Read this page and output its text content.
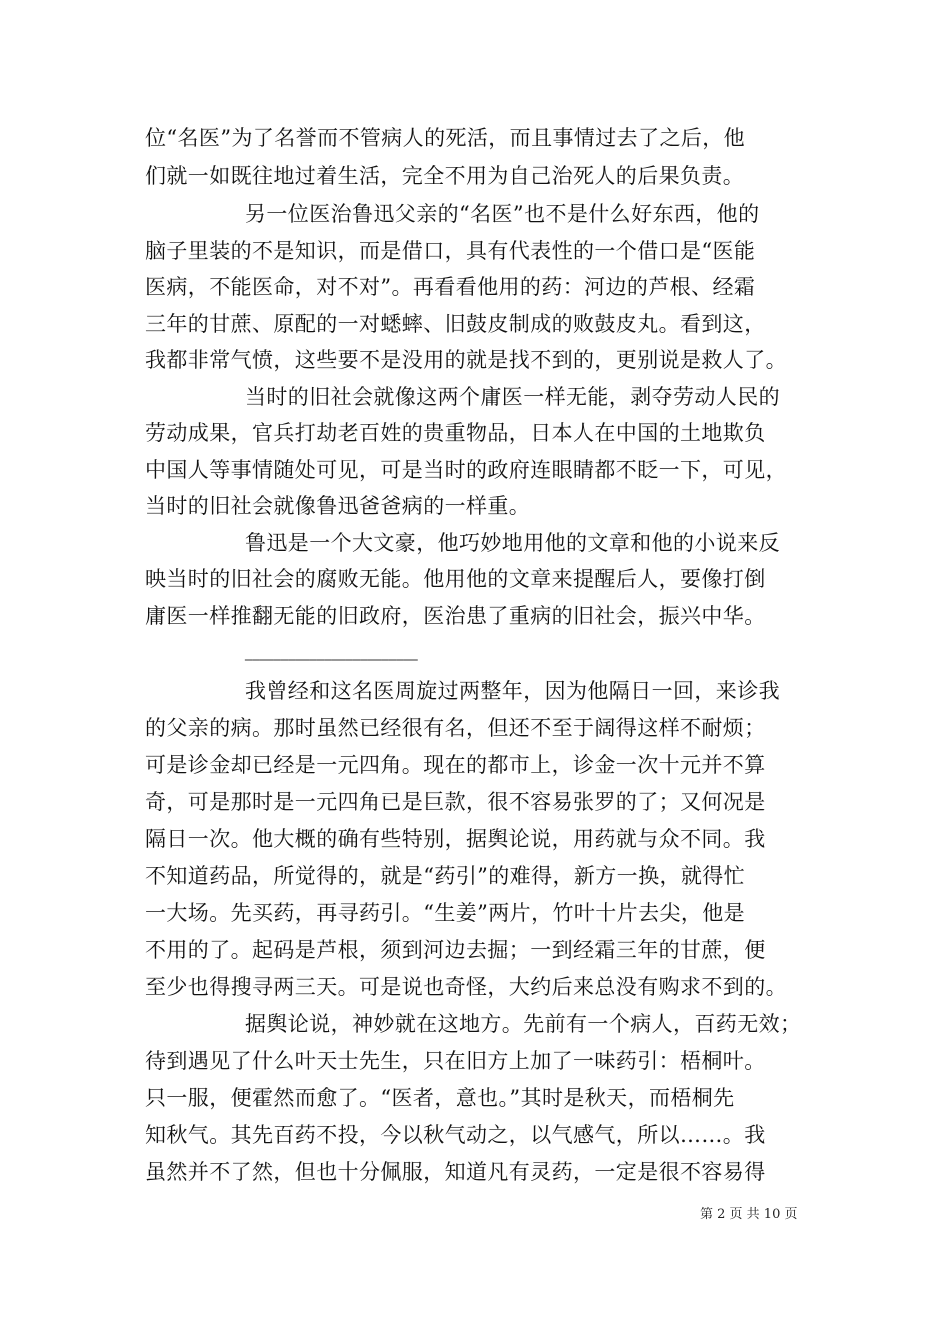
位“名医”为了名誉而不管病人的死活，而且事情过去了之后，他
们就一如既往地过着生活，完全不用为自己治死人的后果负责。
另一位医治鲁迅父亲的“名医”也不是什么好东西，他的
脑子里装的不是知识，而是借口，具有代表性的一个借口是“医能
医病，不能医命，对不对”。再看看他用的药：河边的芦根、经霜
三年的甘蔗、原配的一对蟋蟀、旧鼓皮制成的败鼓皮丸。看到这，
我都非常气愤，这些要不是没用的就是找不到的，更别说是救人了。
当时的旧社会就像这两个庸医一样无能，剥夺劳动人民的
劳动成果，官兵打劫老百姓的贵重物品，日本人在中国的土地欺负
中国人等事情随处可见，可是当时的政府连眼睛都不眨一下，可见，
当时的旧社会就像鲁迅爸爸病的一样重。
鲁迅是一个大文豪，他巧妙地用他的文章和他的小说来反
映当时的旧社会的腐败无能。他用他的文章来提醒后人，要像打倒
庸医一样推翻无能的旧政府，医治患了重病的旧社会，振兴中华。
________________________
我曾经和这名医周旋过两整年，因为他隔日一回，来诊我
的父亲的病。那时虽然已经很有名，但还不至于阔得这样不耐烦；
可是诊金却已经是一元四角。现在的都市上，诊金一次十元并不算
奇，可是那时是一元四角已是巨款，很不容易张罗的了；又何况是
隔日一次。他大概的确有些特别，据舆论说，用药就与众不同。我
不知道药品，所觉得的，就是“药引”的难得，新方一换，就得忙
一大场。先买药，再寻药引。“生姜”两片，竹叶十片去尖，他是
不用的了。起码是芦根，须到河边去掘；一到经霜三年的甘蔗，便
至少也得搜寻两三天。可是说也奇怪，大约后来总没有购求不到的。
据舆论说，神妙就在这地方。先前有一个病人，百药无效；
待到遇见了什么叶天士先生，只在旧方上加了一味药引：梧桐叶。
只一服，便霍然而愈了。“医者，意也。”其时是秋天，而梧桐先
知秋气。其先百药不投，今以秋气动之，以气感气，所以……。我
虽然并不了然，但也十分佩服，知道凡有灵药，一定是很不容易得
第 2 页 共 10 页
